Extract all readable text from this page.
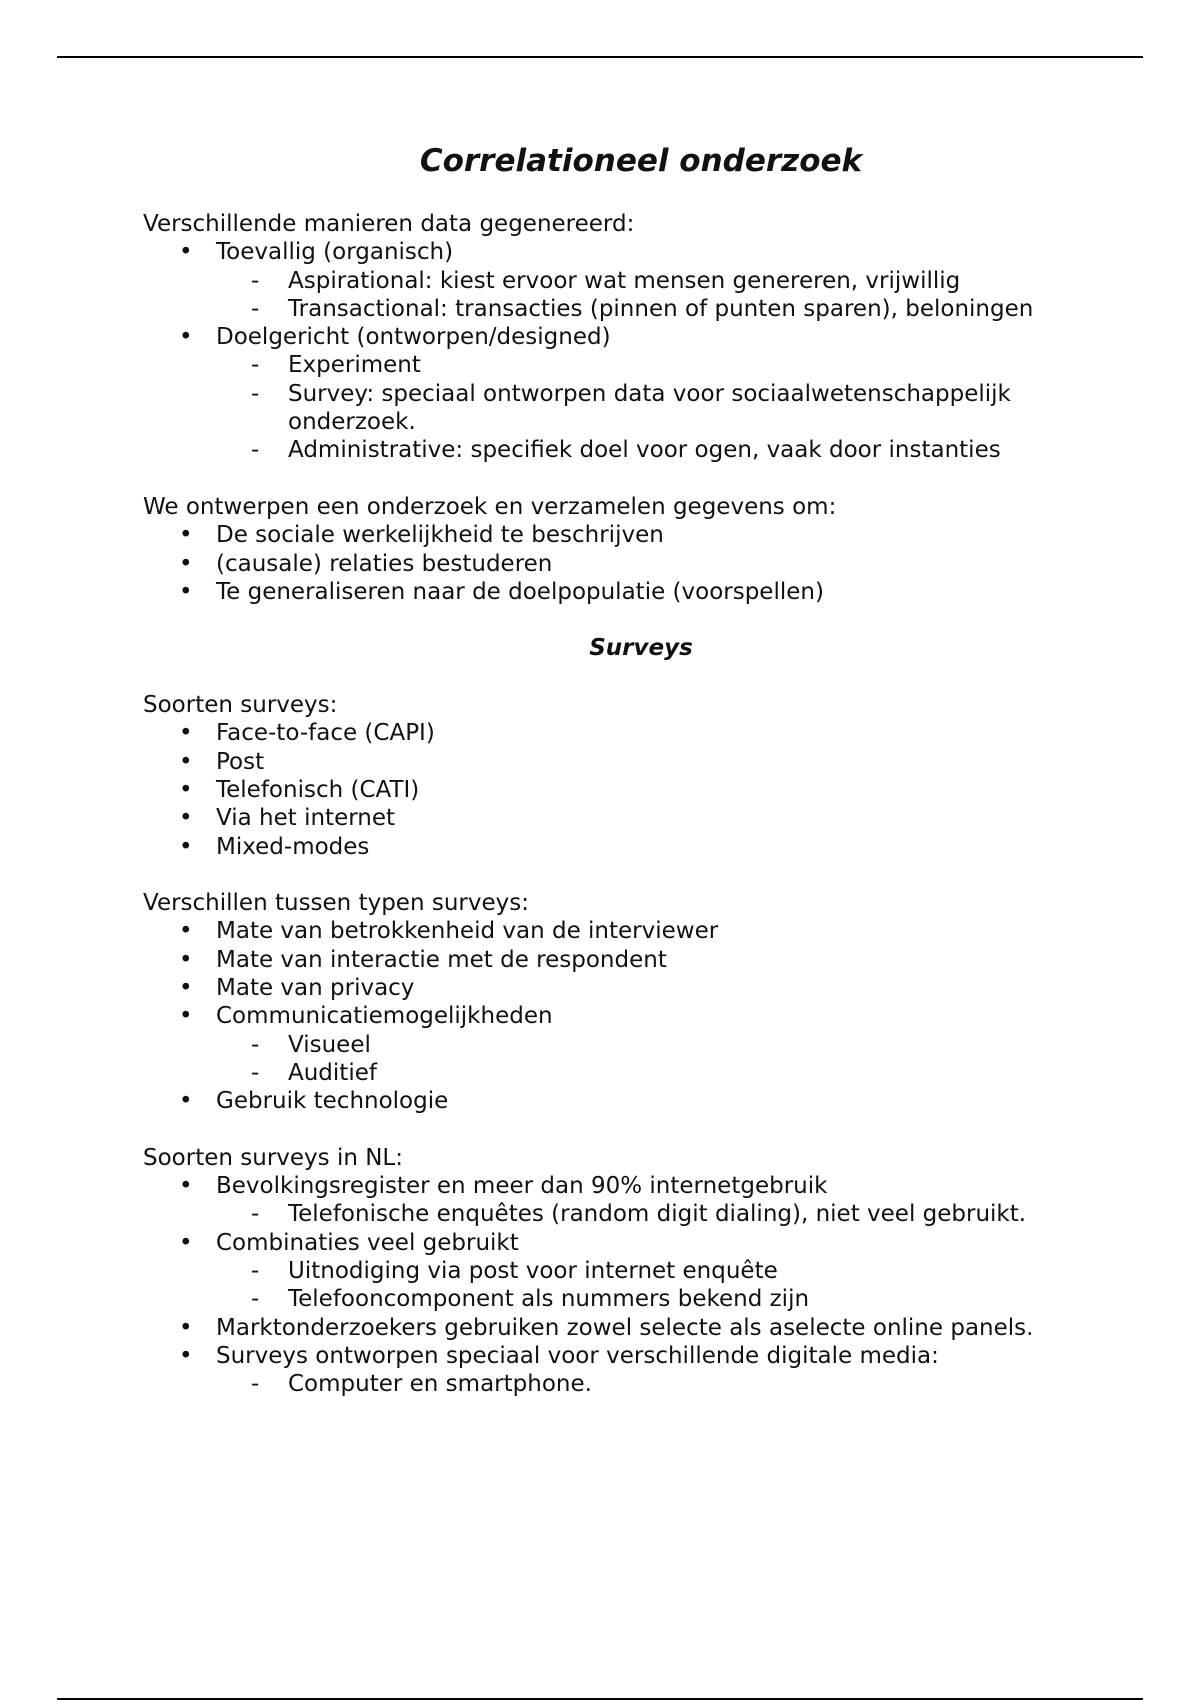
Correlationeel onderzoek

Verschillende manieren data gegenereerd:

• Toevallig (organisch)
- Aspirational: kiest ervoor wat mensen genereren, vrijwillig
- Transactional: transacties (pinnen of punten sparen), beloningen
• Doelgericht (ontworpen/designed)
- Experiment
- Survey: speciaal ontworpen data voor sociaalwetenschappelijk onderzoek.
- Administrative: specifiek doel voor ogen, vaak door instanties

We ontwerpen een onderzoek en verzamelen gegevens om:

• De sociale werkelijkheid te beschrijven
• (causale) relaties bestuderen
• Te generaliseren naar de doelpopulatie (voorspellen)
Surveys

Soorten surveys:

• Face-to-face (CAPI)
• Post
• Telefonisch (CATI)
• Via het internet
• Mixed-modes

Verschillen tussen typen surveys:

• Mate van betrokkenheid van de interviewer
• Mate van interactie met de respondent
• Mate van privacy
• Communicatiemogelijkheden
- Visueel
- Auditief
• Gebruik technologie

Soorten surveys in NL:

• Bevolkingsregister en meer dan 90% internetgebruik
- Telefonische enquêtes (random digit dialing), niet veel gebruikt.
• Combinaties veel gebruikt
- Uitnodiging via post voor internet enquête
- Telefooncomponent als nummers bekend zijn
• Marktonderzoekers gebruiken zowel selecte als aselecte online panels.
• Surveys ontworpen speciaal voor verschillende digitale media:
- Computer en smartphone.
